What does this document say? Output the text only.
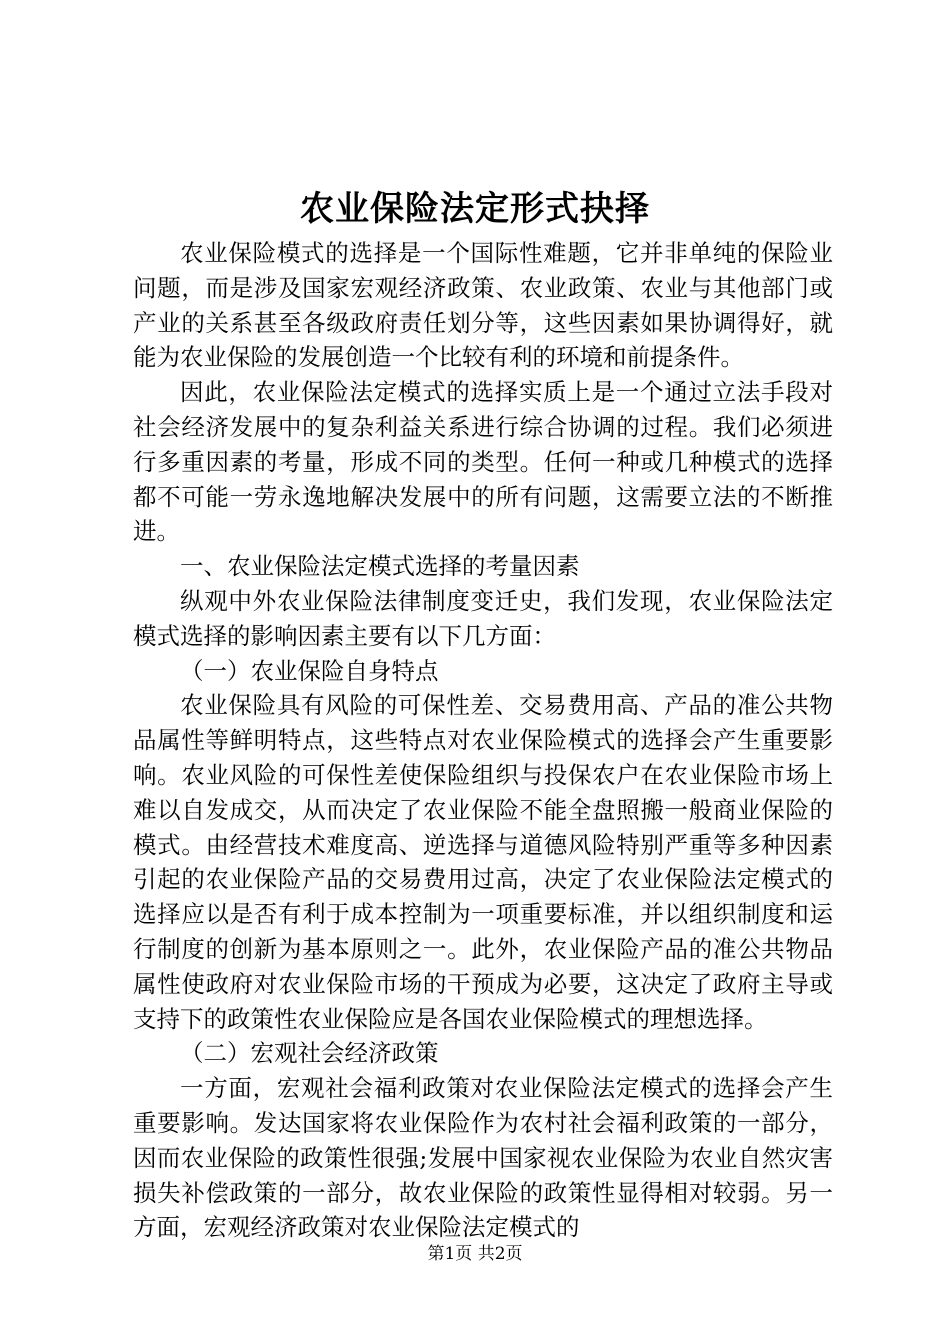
农业保险法定形式抉择

农业保险模式的选择是一个国际性难题，它并非单纯的保险业问题，而是涉及国家宏观经济政策、农业政策、农业与其他部门或产业的关系甚至各级政府责任划分等，这些因素如果协调得好，就能为农业保险的发展创造一个比较有利的环境和前提条件。

因此，农业保险法定模式的选择实质上是一个通过立法手段对社会经济发展中的复杂利益关系进行综合协调的过程。我们必须进行多重因素的考量，形成不同的类型。任何一种或几种模式的选择都不可能一劳永逸地解决发展中的所有问题，这需要立法的不断推进。

一、农业保险法定模式选择的考量因素

纵观中外农业保险法律制度变迁史，我们发现，农业保险法定模式选择的影响因素主要有以下几方面：

（一）农业保险自身特点

农业保险具有风险的可保性差、交易费用高、产品的准公共物品属性等鲜明特点，这些特点对农业保险模式的选择会产生重要影响。农业风险的可保性差使保险组织与投保农户在农业保险市场上难以自发成交，从而决定了农业保险不能全盘照搬一般商业保险的模式。由经营技术难度高、逆选择与道德风险特别严重等多种因素引起的农业保险产品的交易费用过高，决定了农业保险法定模式的选择应以是否有利于成本控制为一项重要标准，并以组织制度和运行制度的创新为基本原则之一。此外，农业保险产品的准公共物品属性使政府对农业保险市场的干预成为必要，这决定了政府主导或支持下的政策性农业保险应是各国农业保险模式的理想选择。

（二）宏观社会经济政策

一方面，宏观社会福利政策对农业保险法定模式的选择会产生重要影响。发达国家将农业保险作为农村社会福利政策的一部分，因而农业保险的政策性很强;发展中国家视农业保险为农业自然灾害损失补偿政策的一部分，故农业保险的政策性显得相对较弱。另一方面，宏观经济政策对农业保险法定模式的

第1页 共2页
